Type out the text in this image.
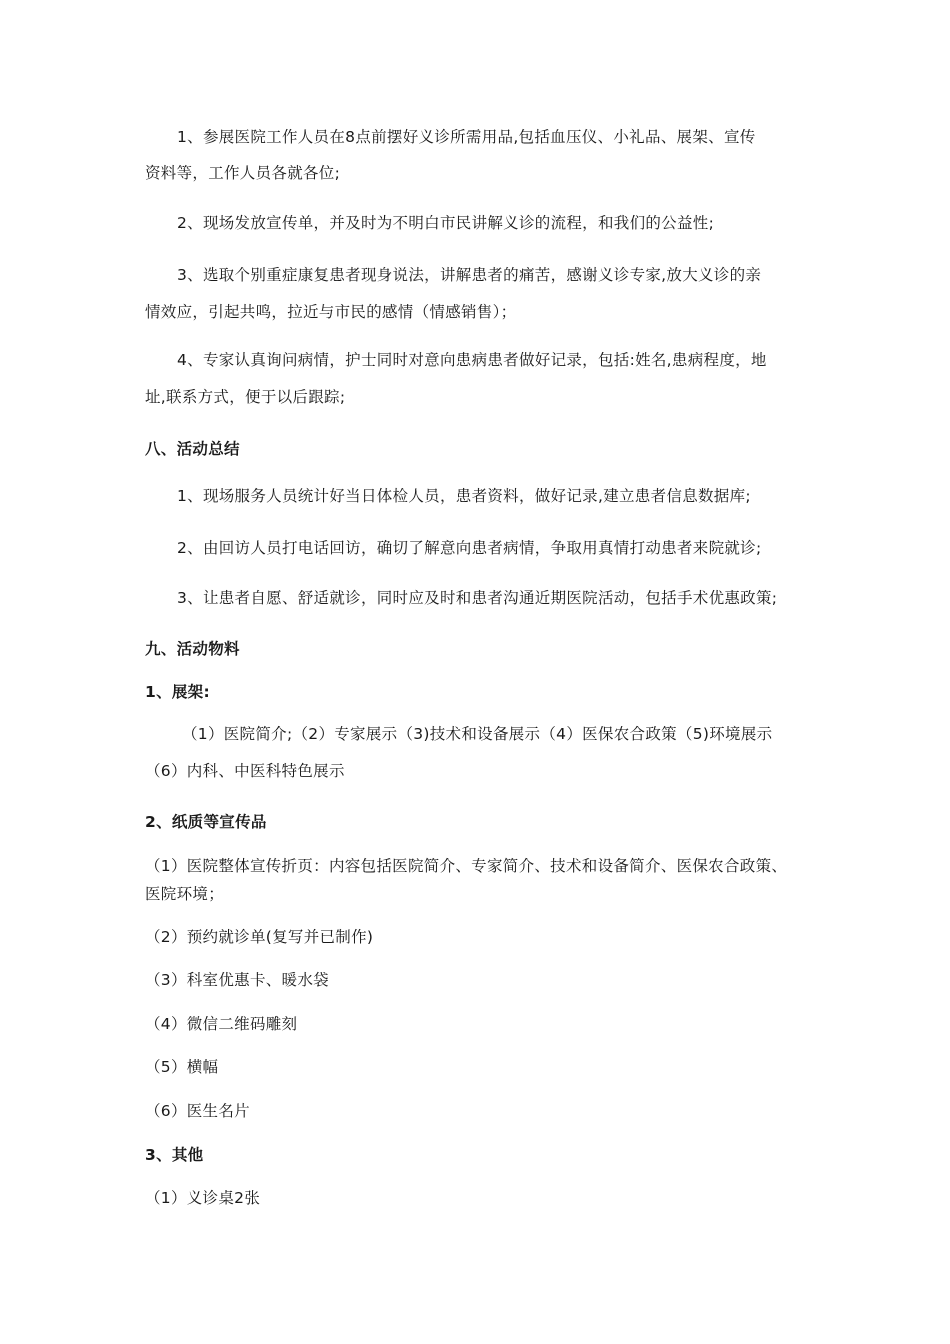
1、参展医院工作人员在8点前摆好义诊所需用品,包括血压仪、小礼品、展架、宣传
资料等，工作人员各就各位;
2、现场发放宣传单，并及时为不明白市民讲解义诊的流程，和我们的公益性;
3、选取个别重症康复患者现身说法，讲解患者的痛苦，感谢义诊专家,放大义诊的亲
情效应，引起共鸣，拉近与市民的感情（情感销售）；
4、专家认真询问病情，护士同时对意向患病患者做好记录，包括:姓名,患病程度，地
址,联系方式，便于以后跟踪;
八、活动总结
1、现场服务人员统计好当日体检人员，患者资料，做好记录,建立患者信息数据库;
2、由回访人员打电话回访，确切了解意向患者病情，争取用真情打动患者来院就诊;
3、让患者自愿、舒适就诊，同时应及时和患者沟通近期医院活动，包括手术优惠政策;
九、活动物料
1、展架:
（1）医院简介;（2）专家展示（3)技术和设备展示（4）医保农合政策（5)环境展示
（6）内科、中医科特色展示
2、纸质等宣传品
（1）医院整体宣传折页：内容包括医院简介、专家简介、技术和设备简介、医保农合政策、
医院环境；
（2）预约就诊单(复写并已制作)
（3）科室优惠卡、暖水袋
（4）微信二维码雕刻
（5）横幅
（6）医生名片
3、其他
（1）义诊桌2张
